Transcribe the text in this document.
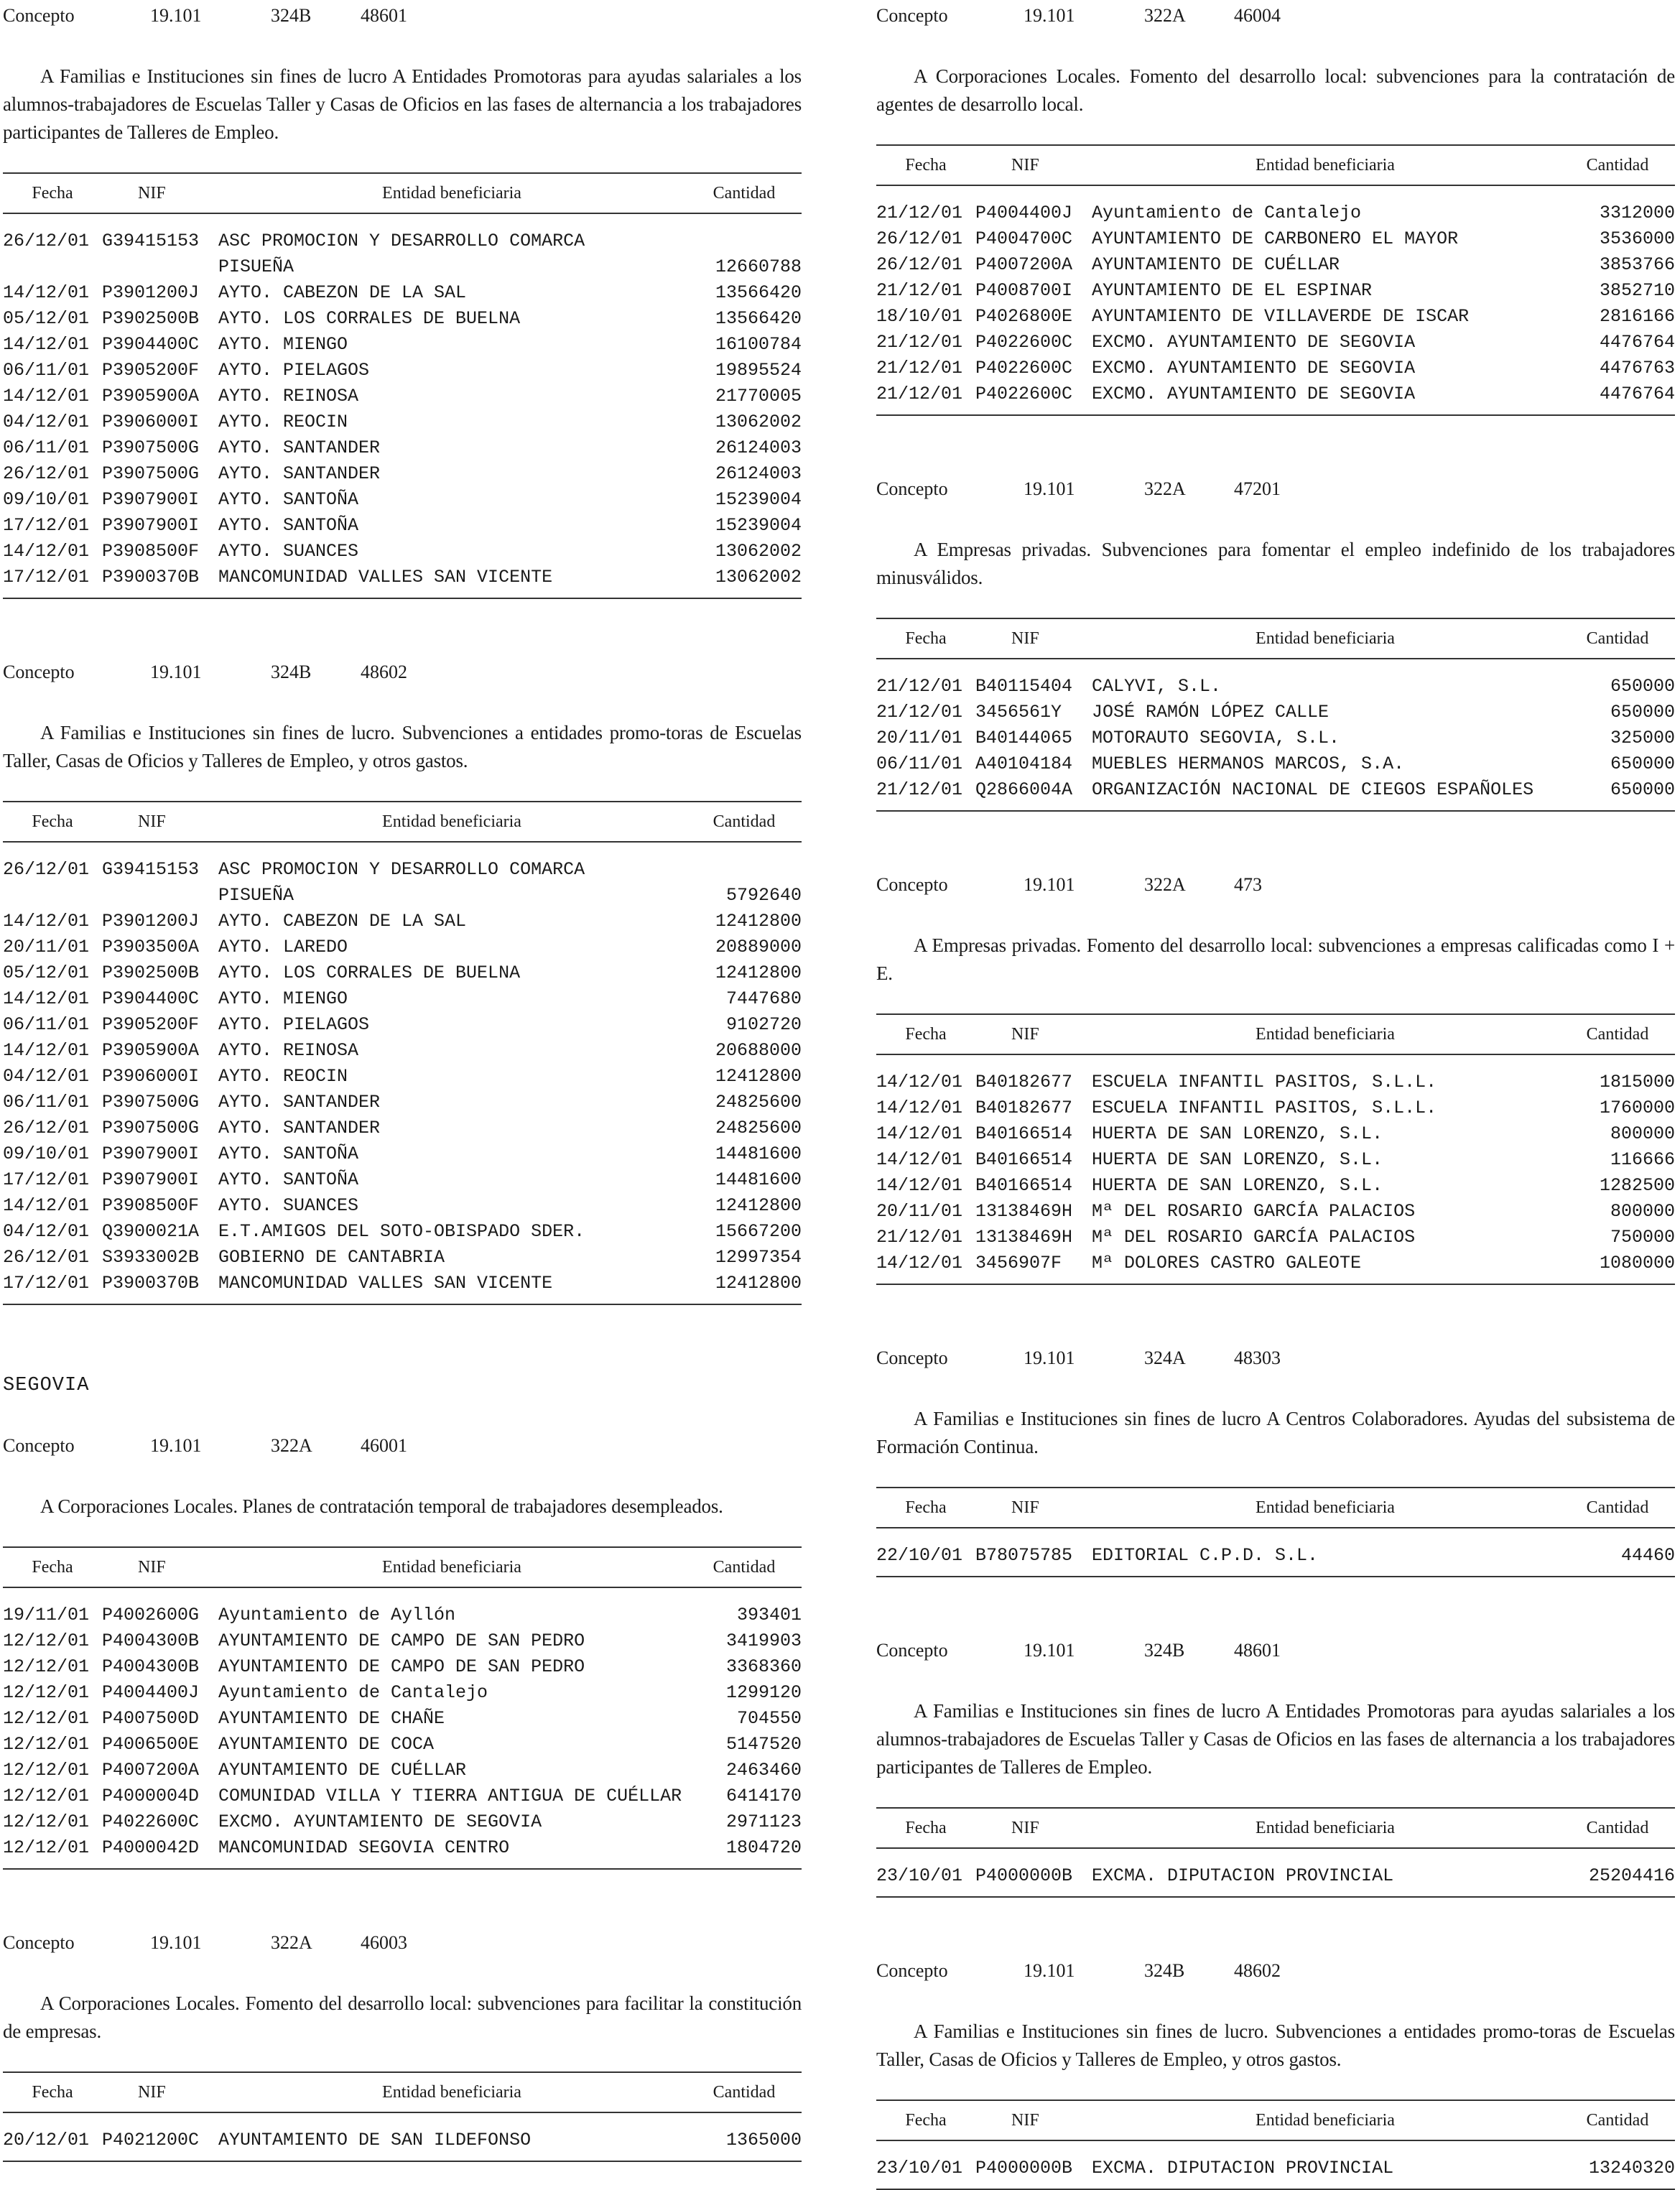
Concepto	19.101	324B	48601
A Familias e Instituciones sin fines de lucro A Entidades Promotoras para ayudas salariales a los alumnos-trabajadores de Escuelas Taller y Casas de Oficios en las fases de alternancia a los trabajadores participantes de Talleres de Empleo.
Fecha	NIF	Entidad beneficiaria	Cantidad
26/12/01 G39415153	ASC PROMOCION Y DESARROLLO COMARCA
PISUEÑA	12660788
14/12/01 P3901200J	AYTO. CABEZON DE LA SAL	13566420
05/12/01 P3902500B	AYTO. LOS CORRALES DE BUELNA	13566420
14/12/01 P3904400C	AYTO. MIENGO	16100784
06/11/01 P3905200F	AYTO. PIELAGOS	19895524
14/12/01 P3905900A	AYTO. REINOSA	21770005
04/12/01 P3906000I	AYTO. REOCIN	13062002
06/11/01 P3907500G	AYTO. SANTANDER	26124003
26/12/01 P3907500G	AYTO. SANTANDER	26124003
09/10/01 P3907900I	AYTO. SANTOÑA	15239004
17/12/01 P3907900I	AYTO. SANTOÑA	15239004
14/12/01 P3908500F	AYTO. SUANCES	13062002
17/12/01 P3900370B	MANCOMUNIDAD VALLES SAN VICENTE	13062002
Concepto	19.101	324B	48602
A Familias e Instituciones sin fines de lucro. Subvenciones a entidades promo-toras de Escuelas Taller, Casas de Oficios y Talleres de Empleo, y otros gastos.
Fecha	NIF	Entidad beneficiaria	Cantidad
26/12/01 G39415153	ASC PROMOCION Y DESARROLLO COMARCA
PISUEÑA	5792640
14/12/01 P3901200J	AYTO. CABEZON DE LA SAL	12412800
20/11/01 P3903500A	AYTO. LAREDO	20889000
05/12/01 P3902500B	AYTO. LOS CORRALES DE BUELNA	12412800
14/12/01 P3904400C	AYTO. MIENGO	7447680
06/11/01 P3905200F	AYTO. PIELAGOS	9102720
14/12/01 P3905900A	AYTO. REINOSA	20688000
04/12/01 P3906000I	AYTO. REOCIN	12412800
06/11/01 P3907500G	AYTO. SANTANDER	24825600
26/12/01 P3907500G	AYTO. SANTANDER	24825600
09/10/01 P3907900I	AYTO. SANTOÑA	14481600
17/12/01 P3907900I	AYTO. SANTOÑA	14481600
14/12/01 P3908500F	AYTO. SUANCES	12412800
04/12/01 Q3900021A	E.T.AMIGOS DEL SOTO-OBISPADO SDER.	15667200
26/12/01 S3933002B	GOBIERNO DE CANTABRIA	12997354
17/12/01 P3900370B	MANCOMUNIDAD VALLES SAN VICENTE	12412800
SEGOVIA
Concepto	19.101	322A	46001
A Corporaciones Locales. Planes de contratación temporal de trabajadores desempleados.
Fecha	NIF	Entidad beneficiaria	Cantidad
19/11/01 P4002600G	Ayuntamiento de Ayllón	393401
12/12/01 P4004300B	AYUNTAMIENTO DE CAMPO DE SAN PEDRO	3419903
12/12/01 P4004300B	AYUNTAMIENTO DE CAMPO DE SAN PEDRO	3368360
12/12/01 P4004400J	Ayuntamiento de Cantalejo	1299120
12/12/01 P4007500D	AYUNTAMIENTO DE CHAÑE	704550
12/12/01 P4006500E	AYUNTAMIENTO DE COCA	5147520
12/12/01 P4007200A	AYUNTAMIENTO DE CUÉLLAR	2463460
12/12/01 P4000004D	COMUNIDAD VILLA Y TIERRA ANTIGUA DE CUÉLLAR	6414170
12/12/01 P4022600C	EXCMO. AYUNTAMIENTO DE SEGOVIA	2971123
12/12/01 P4000042D	MANCOMUNIDAD SEGOVIA CENTRO	1804720
Concepto	19.101	322A	46003
A Corporaciones Locales. Fomento del desarrollo local: subvenciones para facilitar la constitución de empresas.
Fecha	NIF	Entidad beneficiaria	Cantidad
20/12/01 P4021200C	AYUNTAMIENTO DE SAN ILDEFONSO	1365000
Concepto	19.101	322A	46004
A Corporaciones Locales. Fomento del desarrollo local: subvenciones para la contratación de agentes de desarrollo local.
Fecha	NIF	Entidad beneficiaria	Cantidad
21/12/01 P4004400J	Ayuntamiento de Cantalejo	3312000
26/12/01 P4004700C	AYUNTAMIENTO DE CARBONERO EL MAYOR	3536000
26/12/01 P4007200A	AYUNTAMIENTO DE CUÉLLAR	3853766
21/12/01 P4008700I	AYUNTAMIENTO DE EL ESPINAR	3852710
18/10/01 P4026800E	AYUNTAMIENTO DE VILLAVERDE DE ISCAR	2816166
21/12/01 P4022600C	EXCMO. AYUNTAMIENTO DE SEGOVIA	4476764
21/12/01 P4022600C	EXCMO. AYUNTAMIENTO DE SEGOVIA	4476763
21/12/01 P4022600C	EXCMO. AYUNTAMIENTO DE SEGOVIA	4476764
Concepto	19.101	322A	47201
A Empresas privadas. Subvenciones para fomentar el empleo indefinido de los trabajadores minusválidos.
Fecha	NIF	Entidad beneficiaria	Cantidad
21/12/01 B40115404	CALYVI, S.L.	650000
21/12/01 3456561Y	JOSÉ RAMÓN LÓPEZ CALLE	650000
20/11/01 B40144065	MOTORAUTO SEGOVIA, S.L.	325000
06/11/01 A40104184	MUEBLES HERMANOS MARCOS, S.A.	650000
21/12/01 Q2866004A	ORGANIZACIÓN NACIONAL DE CIEGOS ESPAÑOLES	650000
Concepto	19.101	322A	473
A Empresas privadas. Fomento del desarrollo local: subvenciones a empresas calificadas como I + E.
Fecha	NIF	Entidad beneficiaria	Cantidad
14/12/01 B40182677	ESCUELA INFANTIL PASITOS, S.L.L.	1815000
14/12/01 B40182677	ESCUELA INFANTIL PASITOS, S.L.L.	1760000
14/12/01 B40166514	HUERTA DE SAN LORENZO, S.L.	800000
14/12/01 B40166514	HUERTA DE SAN LORENZO, S.L.	116666
14/12/01 B40166514	HUERTA DE SAN LORENZO, S.L.	1282500
20/11/01 13138469H	Mª DEL ROSARIO GARCÍA PALACIOS	800000
21/12/01 13138469H	Mª DEL ROSARIO GARCÍA PALACIOS	750000
14/12/01 3456907F	Mª DOLORES CASTRO GALEOTE	1080000
Concepto	19.101	324A	48303
A Familias e Instituciones sin fines de lucro A Centros Colaboradores. Ayudas del subsistema de Formación Continua.
Fecha	NIF	Entidad beneficiaria	Cantidad
22/10/01 B78075785	EDITORIAL C.P.D. S.L.	44460
Concepto	19.101	324B	48601
A Familias e Instituciones sin fines de lucro A Entidades Promotoras para ayudas salariales a los alumnos-trabajadores de Escuelas Taller y Casas de Oficios en las fases de alternancia a los trabajadores participantes de Talleres de Empleo.
Fecha	NIF	Entidad beneficiaria	Cantidad
23/10/01 P4000000B	EXCMA. DIPUTACION PROVINCIAL	25204416
Concepto	19.101	324B	48602
A Familias e Instituciones sin fines de lucro. Subvenciones a entidades promo-toras de Escuelas Taller, Casas de Oficios y Talleres de Empleo, y otros gastos.
Fecha	NIF	Entidad beneficiaria	Cantidad
23/10/01 P4000000B	EXCMA. DIPUTACION PROVINCIAL	13240320
